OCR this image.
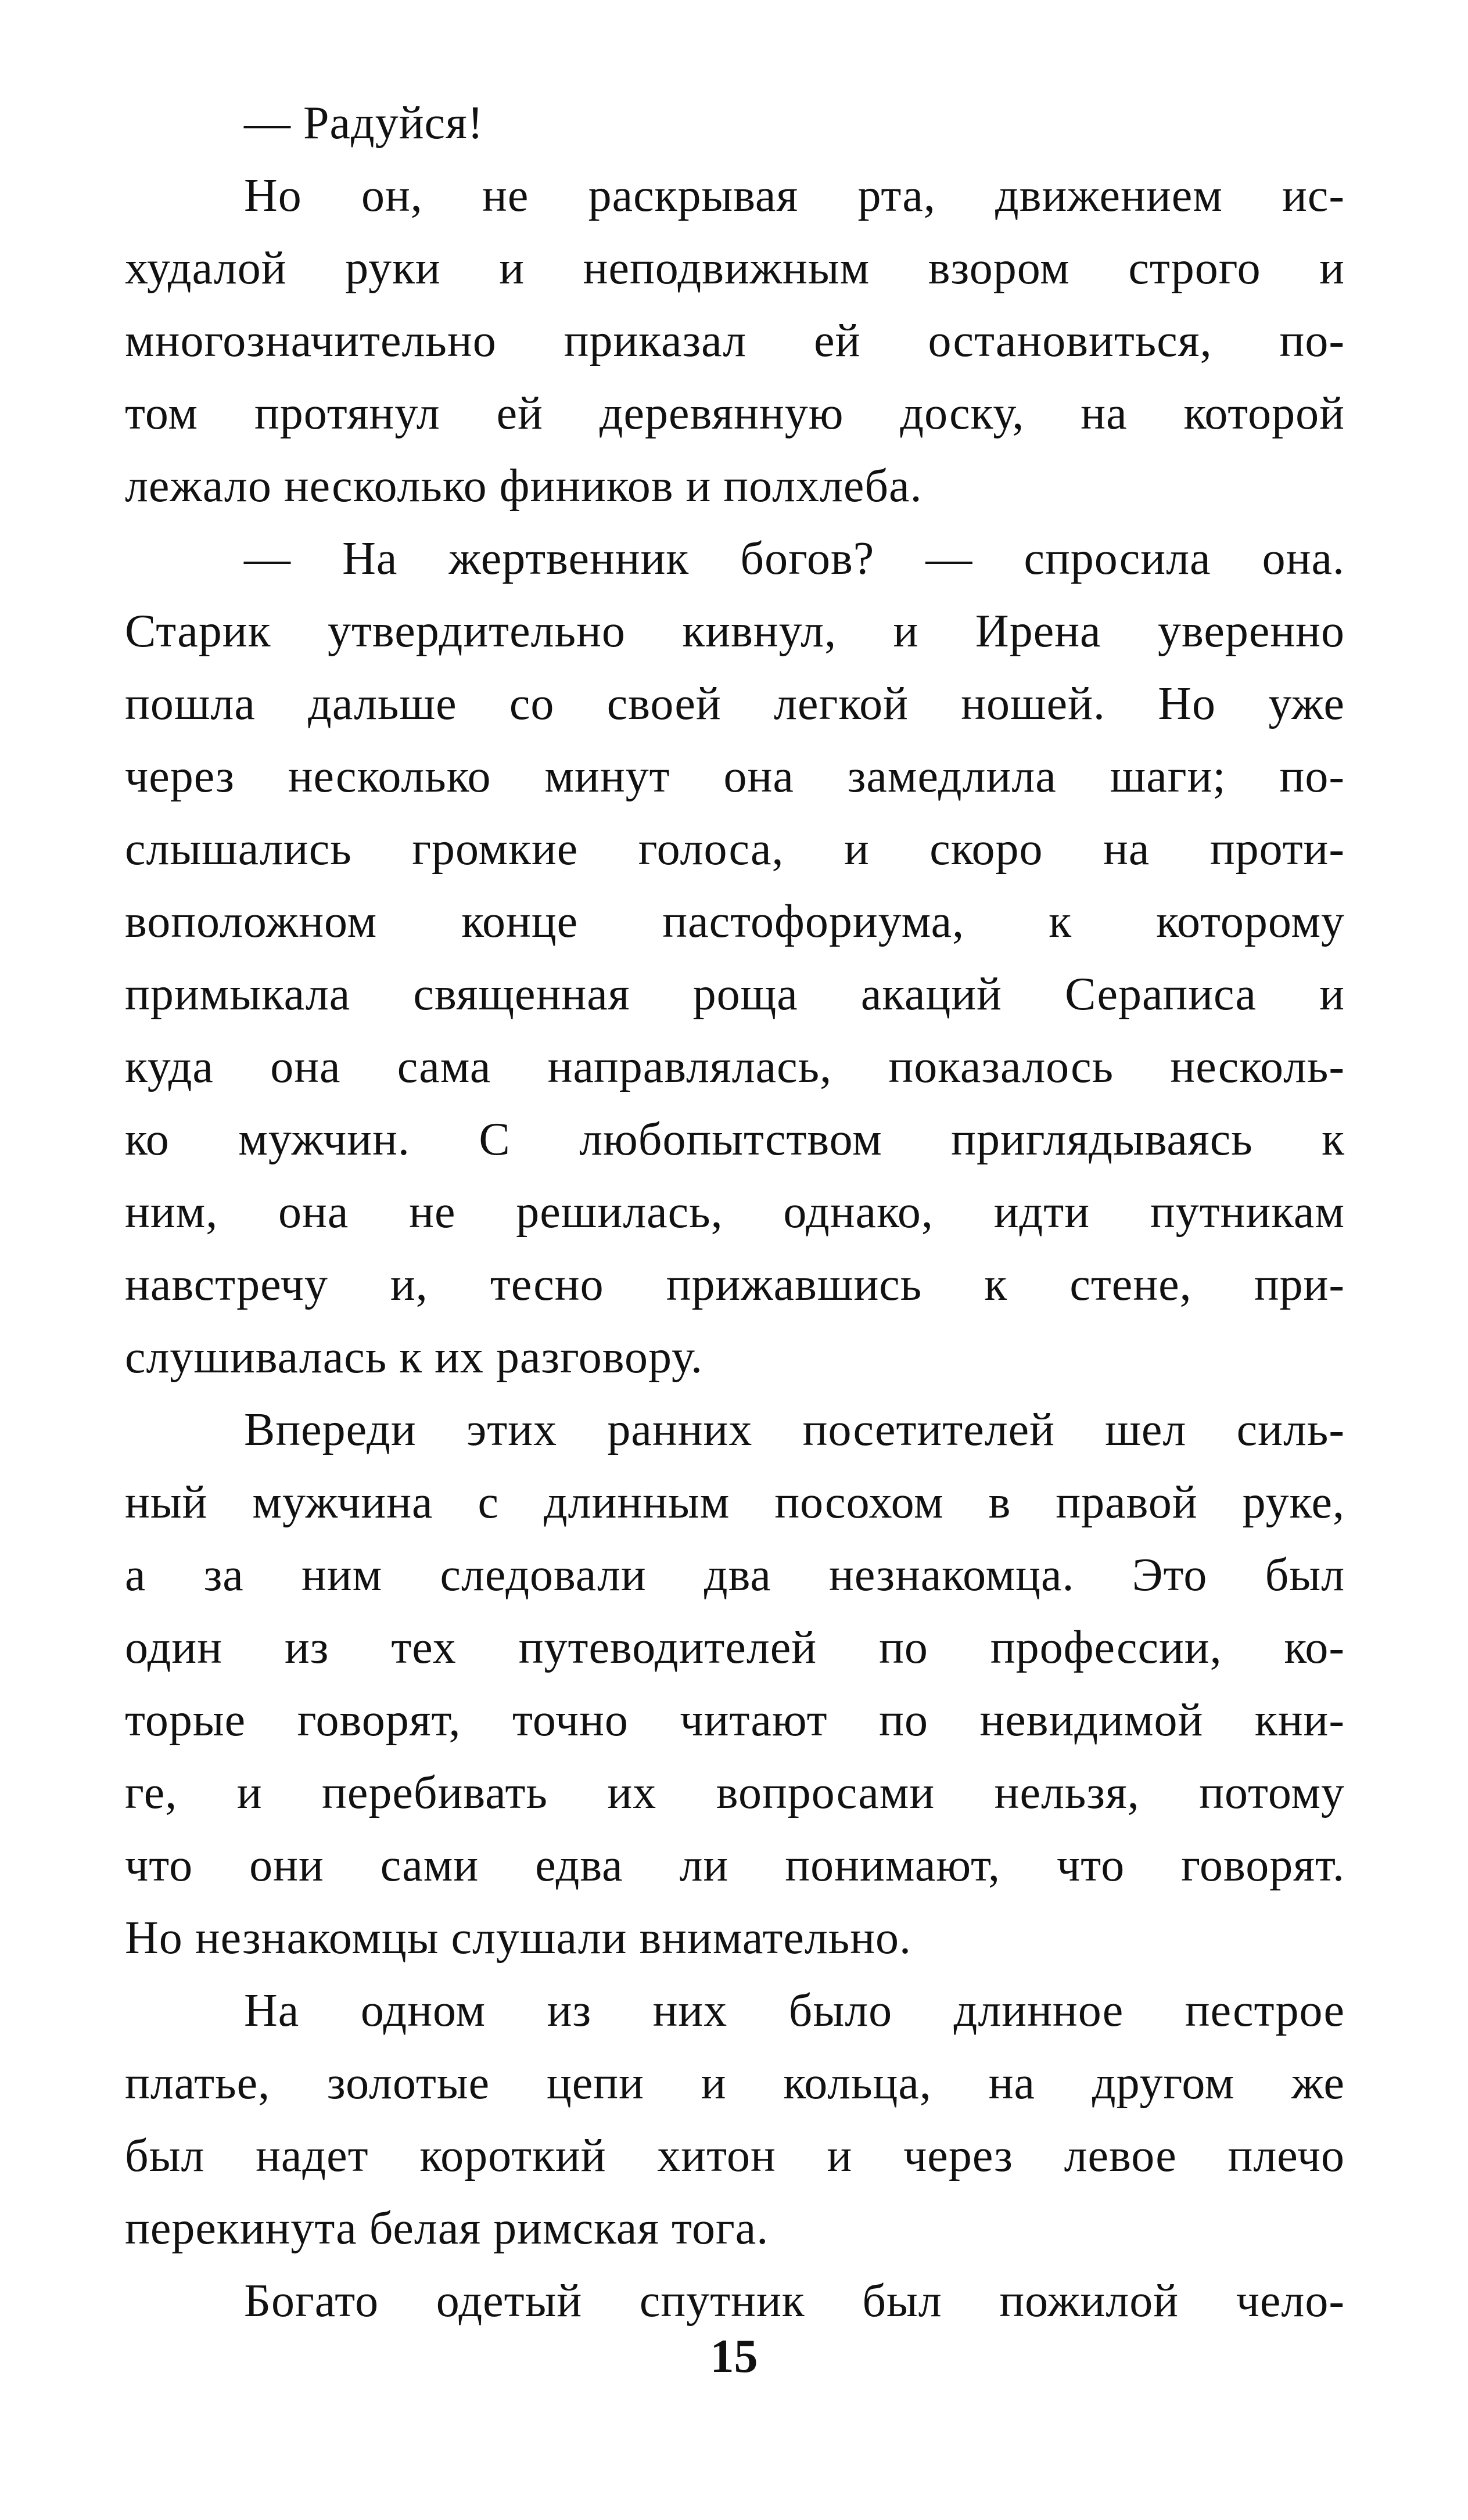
— Радуйся!
Но он, не раскрывая рта, движением ис-
худалой руки и неподвижным взором строго и
многозначительно приказал ей остановиться, по-
том протянул ей деревянную доску, на которой
лежало несколько фиников и полхлеба.
— На жертвенник богов? — спросила она.
Старик утвердительно кивнул, и Ирена уверенно
пошла дальше со своей легкой ношей. Но уже
через несколько минут она замедлила шаги; по-
слышались громкие голоса, и скоро на проти-
воположном конце пастофориума, к которому
примыкала священная роща акаций Сераписа и
куда она сама направлялась, показалось несколь-
ко мужчин. С любопытством приглядываясь к
ним, она не решилась, однако, идти путникам
навстречу и, тесно прижавшись к стене, при-
слушивалась к их разговору.
Впереди этих ранних посетителей шел силь-
ный мужчина с длинным посохом в правой руке,
а за ним следовали два незнакомца. Это был
один из тех путеводителей по профессии, ко-
торые говорят, точно читают по невидимой кни-
ге, и перебивать их вопросами нельзя, потому
что они сами едва ли понимают, что говорят.
Но незнакомцы слушали внимательно.
На одном из них было длинное пестрое
платье, золотые цепи и кольца, на другом же
был надет короткий хитон и через левое плечо
перекинута белая римская тога.
Богато одетый спутник был пожилой чело-
15
